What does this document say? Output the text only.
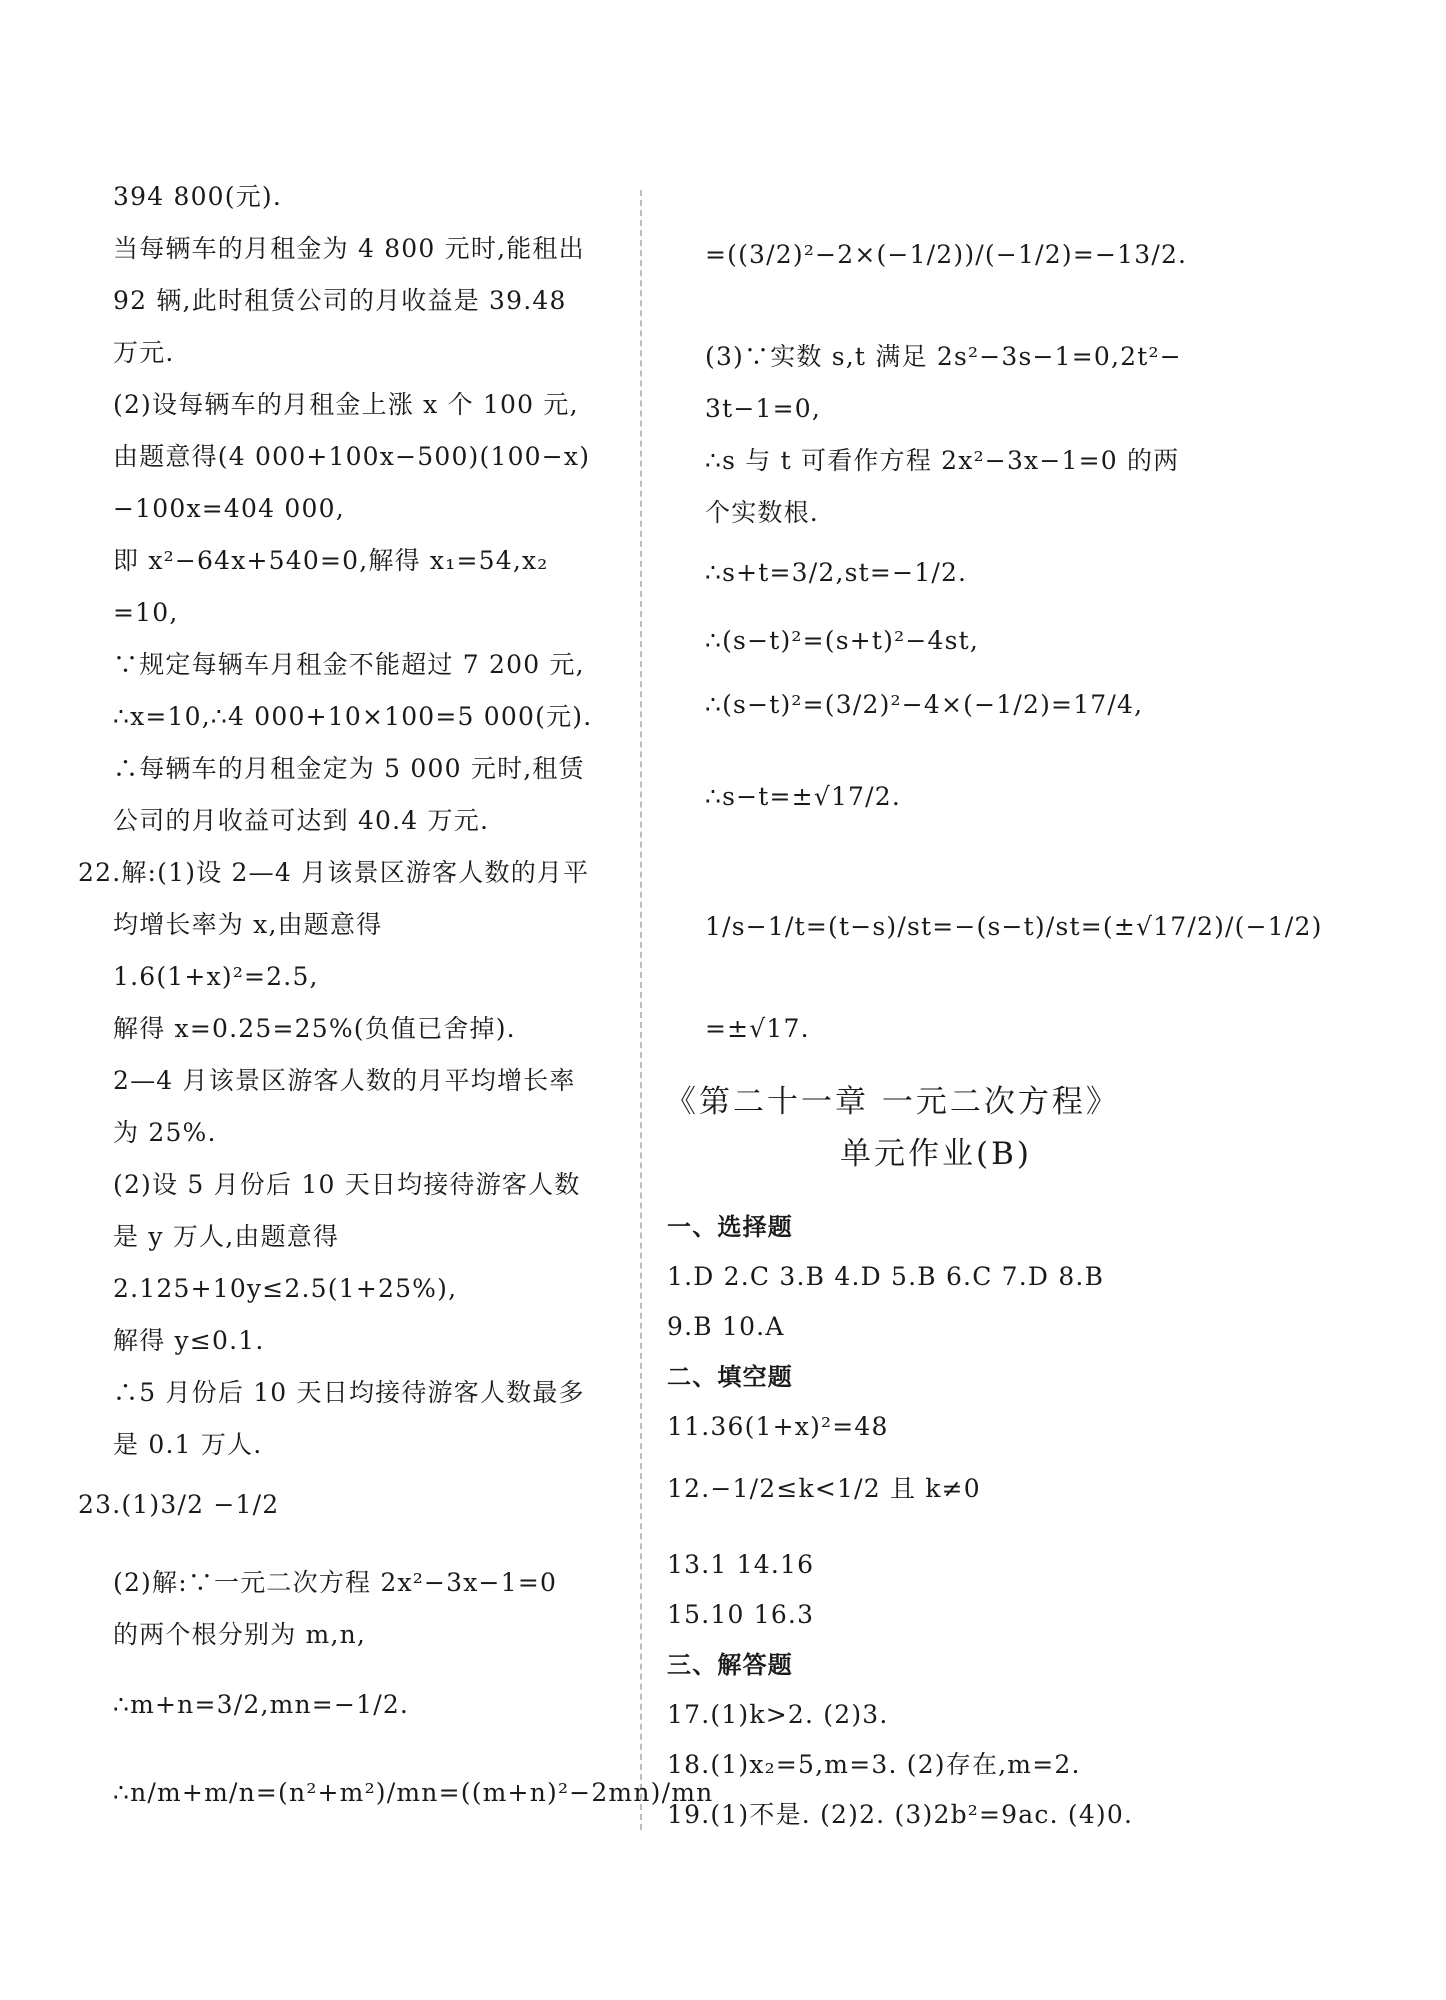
394 800(元).
当每辆车的月租金为 4 800 元时,能租出
92 辆,此时租赁公司的月收益是 39.48
万元.
(2)设每辆车的月租金上涨 x 个 100 元,
由题意得(4 000+100x−500)(100−x)
−100x=404 000,
即 x²−64x+540=0,解得 x₁=54,x₂
=10,
∵规定每辆车月租金不能超过 7 200 元,
∴x=10,∴4 000+10×100=5 000(元).
∴每辆车的月租金定为 5 000 元时,租赁
公司的月收益可达到 40.4 万元.
22.解:(1)设 2—4 月该景区游客人数的月平
均增长率为 x,由题意得
1.6(1+x)²=2.5,
解得 x=0.25=25%(负值已舍掉).
2—4 月该景区游客人数的月平均增长率
为 25%.
(2)设 5 月份后 10 天日均接待游客人数
是 y 万人,由题意得
2.125+10y≤2.5(1+25%),
解得 y≤0.1.
∴5 月份后 10 天日均接待游客人数最多
是 0.1 万人.
23.(1)3/2 −1/2
(2)解:∵一元二次方程 2x²−3x−1=0
的两个根分别为 m,n,
∴m+n=3/2,mn=−1/2.
∴n/m+m/n=(n²+m²)/mn=((m+n)²−2mn)/mn
=((3/2)²−2×(−1/2))/(−1/2)=−13/2.
(3)∵实数 s,t 满足 2s²−3s−1=0,2t²−
3t−1=0,
∴s 与 t 可看作方程 2x²−3x−1=0 的两
个实数根.
∴s+t=3/2,st=−1/2.
∴(s−t)²=(s+t)²−4st,
∴(s−t)²=(3/2)²−4×(−1/2)=17/4,
∴s−t=±√17/2.
1/s−1/t=(t−s)/st=−(s−t)/st=(±√17/2)/(−1/2)
=±√17.
《第二十一章 一元二次方程》
单元作业(B)
一、选择题
1.D 2.C 3.B 4.D 5.B 6.C 7.D 8.B
9.B 10.A
二、填空题
11.36(1+x)²=48
12.−1/2≤k<1/2 且 k≠0
13.1 14.16
15.10 16.3
三、解答题
17.(1)k>2. (2)3.
18.(1)x₂=5,m=3. (2)存在,m=2.
19.(1)不是. (2)2. (3)2b²=9ac. (4)0.
